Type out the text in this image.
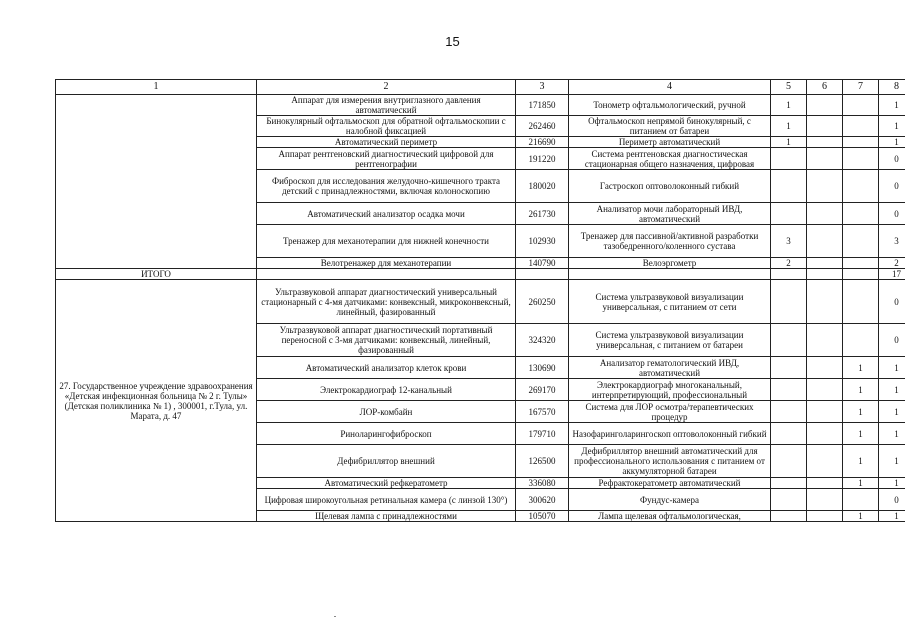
15
1	2	3	4	5	6	7	8
	Аппарат для измерения внутриглазного давления автоматический	171850	Тонометр офтальмологический, ручной	1			1
	Бинокулярный офтальмоскоп для обратной офтальмоскопии с налобной фиксацией	262460	Офтальмоскоп непрямой бинокулярный, с питанием от батареи	1			1
	Автоматический периметр	216690	Периметр автоматический	1			1
	Аппарат рентгеновский диагностический цифровой для рентгенографии	191220	Система рентгеновская диагностическая стационарная общего назначения, цифровая				0
	Фиброскоп для исследования желудочно-кишечного тракта детский с принадлежностями, включая колоноскопию	180020	Гастроскоп оптоволоконный гибкий				0
	Автоматический анализатор осадка мочи	261730	Анализатор мочи лабораторный ИВД, автоматический				0
	Тренажер для механотерапии для нижней конечности	102930	Тренажер для пассивной/активной разработки тазобедренного/коленного сустава	3			3
	Велотренажер для механотерапии	140790	Велоэргометр	2			2
ИТОГО							17
27. Государственное учреждение здравоохранения «Детская инфекционная больница № 2 г. Тулы» (Детская поликлиника № 1) , 300001, г.Тула, ул. Марата, д. 47	Ультразвуковой аппарат диагностический универсальный стационарный с 4-мя датчиками: конвексный, микроконвексный, линейный, фазированный	260250	Система ультразвуковой визуализации универсальная, с питанием от сети				0
	Ультразвуковой аппарат диагностический портативный переносной с 3-мя датчиками: конвексный, линейный, фазированный	324320	Система ультразвуковой визуализации универсальная, с питанием от батареи				0
	Автоматический анализатор клеток крови	130690	Анализатор гематологический ИВД, автоматический			1	1
	Электрокардиограф 12-канальный	269170	Электрокардиограф многоканальный, интерпретирующий, профессиональный			1	1
	ЛОР-комбайн	167570	Система для ЛОР осмотра/терапевтических процедур			1	1
	Риноларингофиброскоп	179710	Назофаринголарингоскоп оптоволоконный гибкий			1	1
	Дефибриллятор внешний	126500	Дефибриллятор внешний автоматический для профессионального использования с питанием от аккумуляторной батареи			1	1
	Автоматический рефкератометр	336080	Рефрактокератометр автоматический			1	1
	Цифровая широкоугольная ретинальная камера (с линзой 130°)	300620	Фундус-камера				0
	Щелевая лампа с принадлежностями	105070	Лампа щелевая офтальмологическая,			1	1
